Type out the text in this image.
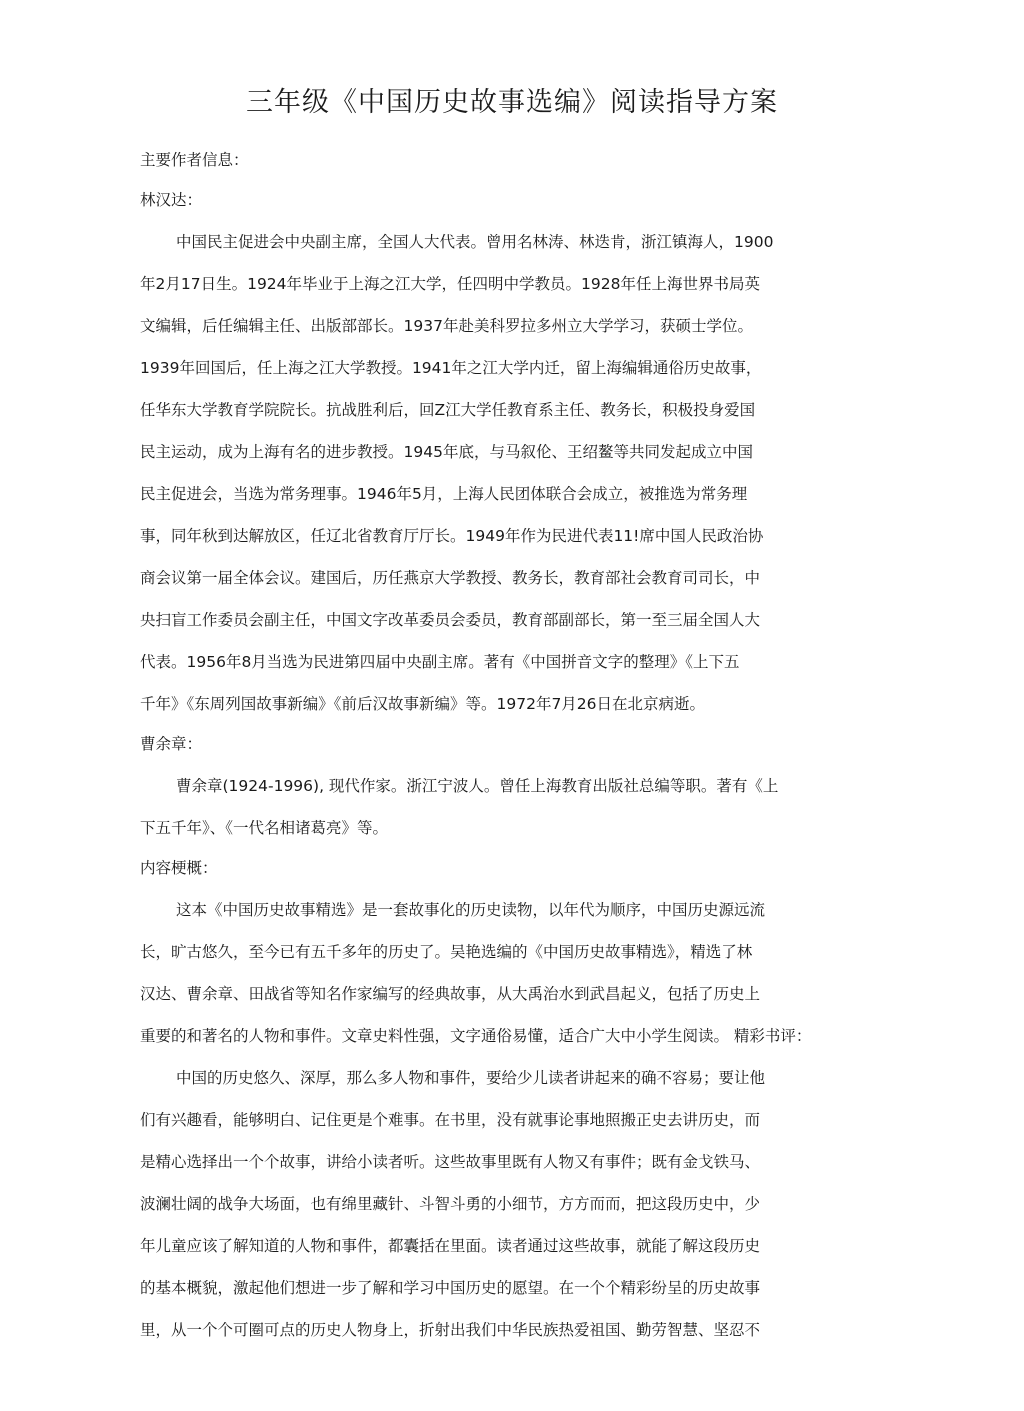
三年级《中国历史故事选编》阅读指导方案
主要作者信息：
林汉达：
中国民主促进会中央副主席，全国人大代表。曾用名林涛、林迭肯，浙江镇海人，1900
年2月17日生。1924年毕业于上海之江大学，任四明中学教员。1928年任上海世界书局英
文编辑，后任编辑主任、出版部部长。1937年赴美科罗拉多州立大学学习，获硕士学位。
1939年回国后，任上海之江大学教授。1941年之江大学内迁，留上海编辑通俗历史故事，
任华东大学教育学院院长。抗战胜利后，回Z江大学任教育系主任、教务长，积极投身爱国
民主运动，成为上海有名的进步教授。1945年底，与马叙伦、王绍鳌等共同发起成立中国
民主促进会，当选为常务理事。1946年5月，上海人民团体联合会成立，被推选为常务理
事，同年秋到达解放区，任辽北省教育厅厅长。1949年作为民进代表11!席中国人民政治协
商会议第一届全体会议。建国后，历任燕京大学教授、教务长，教育部社会教育司司长，中
央扫盲工作委员会副主任，中国文字改革委员会委员，教育部副部长，第一至三届全国人大
代表。1956年8月当选为民进第四届中央副主席。著有《中国拼音文字的整理》《上下五
千年》《东周列国故事新编》《前后汉故事新编》等。1972年7月26日在北京病逝。
曹余章：
曹余章(1924-1996), 现代作家。浙江宁波人。曾任上海教育出版社总编等职。著有《上
下五千年》、《一代名相诸葛亮》等。
内容梗概：
这本《中国历史故事精选》是一套故事化的历史读物，以年代为顺序，中国历史源远流
长，旷古悠久，至今已有五千多年的历史了。吴艳选编的《中国历史故事精选》，精选了林
汉达、曹余章、田战省等知名作家编写的经典故事，从大禹治水到武昌起义，包括了历史上
重要的和著名的人物和事件。文章史料性强，文字通俗易懂，适合广大中小学生阅读。 精彩书评：
中国的历史悠久、深厚，那么多人物和事件，要给少儿读者讲起来的确不容易；要让他
们有兴趣看，能够明白、记住更是个难事。在书里，没有就事论事地照搬正史去讲历史，而
是精心选择出一个个故事，讲给小读者听。这些故事里既有人物又有事件；既有金戈铁马、
波澜壮阔的战争大场面，也有绵里藏针、斗智斗勇的小细节，方方而而，把这段历史中，少
年儿童应该了解知道的人物和事件，都囊括在里面。读者通过这些故事，就能了解这段历史
的基本概貌，激起他们想进一步了解和学习中国历史的愿望。在一个个精彩纷呈的历史故事
里，从一个个可圈可点的历史人物身上，折射出我们中华民族热爱祖国、勤劳智慧、坚忍不
